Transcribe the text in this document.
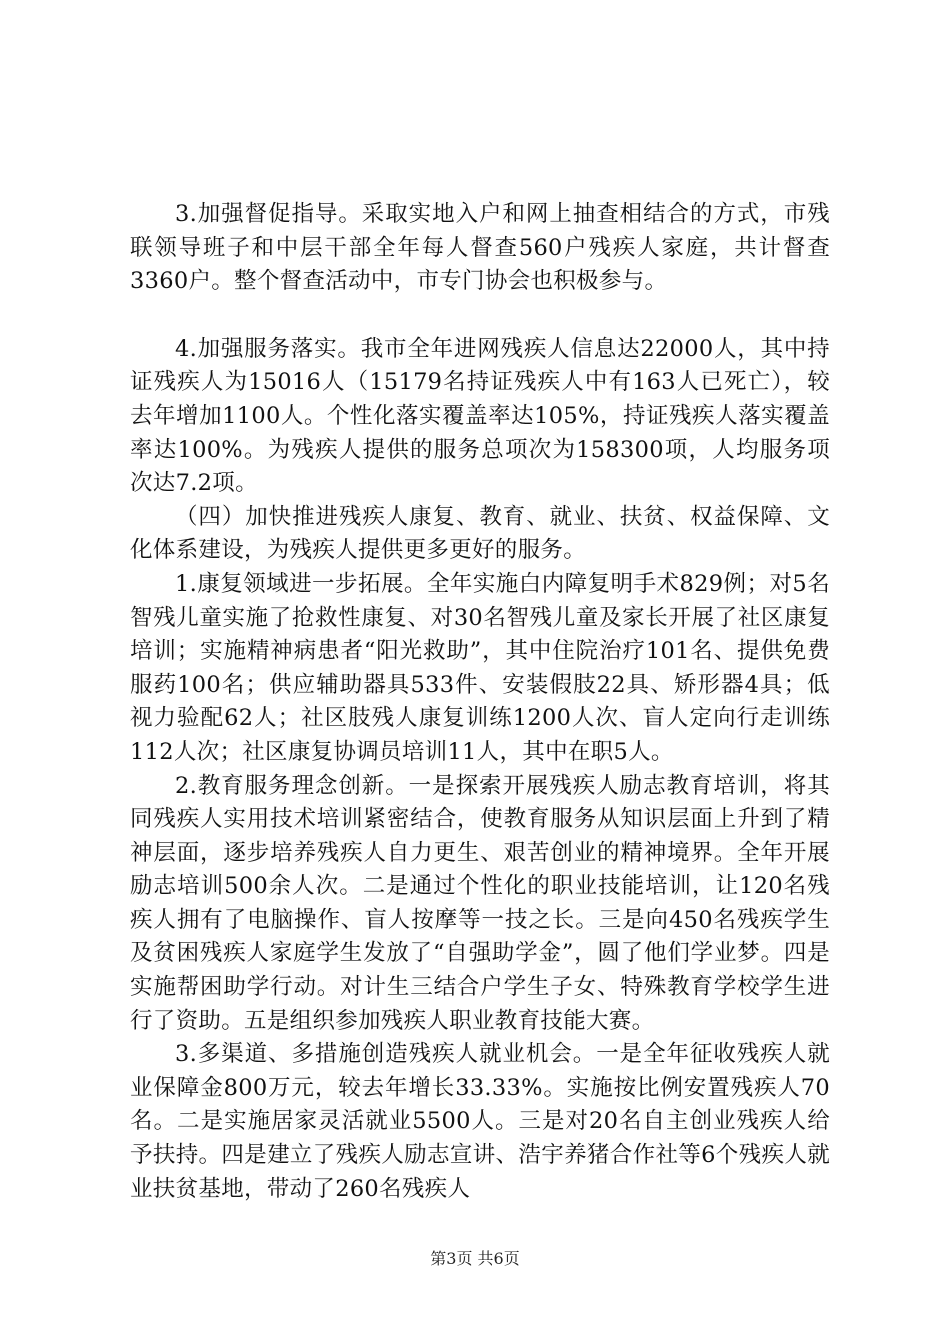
3.加强督促指导。采取实地入户和网上抽查相结合的方式，市残联领导班子和中层干部全年每人督查560户残疾人家庭，共计督查3360户。整个督查活动中，市专门协会也积极参与。

4.加强服务落实。我市全年进网残疾人信息达22000人，其中持证残疾人为15016人（15179名持证残疾人中有163人已死亡），较去年增加1100人。个性化落实覆盖率达105%，持证残疾人落实覆盖率达100%。为残疾人提供的服务总项次为158300项，人均服务项次达7.2项。

（四）加快推进残疾人康复、教育、就业、扶贫、权益保障、文化体系建设，为残疾人提供更多更好的服务。

1.康复领域进一步拓展。全年实施白内障复明手术829例；对5名智残儿童实施了抢救性康复、对30名智残儿童及家长开展了社区康复培训；实施精神病患者“阳光救助”，其中住院治疗101名、提供免费服药100名；供应辅助器具533件、安装假肢22具、矫形器4具；低视力验配62人；社区肢残人康复训练1200人次、盲人定向行走训练112人次；社区康复协调员培训11人，其中在职5人。

2.教育服务理念创新。一是探索开展残疾人励志教育培训，将其同残疾人实用技术培训紧密结合，使教育服务从知识层面上升到了精神层面，逐步培养残疾人自力更生、艰苦创业的精神境界。全年开展励志培训500余人次。二是通过个性化的职业技能培训，让120名残疾人拥有了电脑操作、盲人按摩等一技之长。三是向450名残疾学生及贫困残疾人家庭学生发放了“自强助学金”，圆了他们学业梦。四是实施帮困助学行动。对计生三结合户学生子女、特殊教育学校学生进行了资助。五是组织参加残疾人职业教育技能大赛。

3.多渠道、多措施创造残疾人就业机会。一是全年征收残疾人就业保障金800万元，较去年增长33.33%。实施按比例安置残疾人70名。二是实施居家灵活就业5500人。三是对20名自主创业残疾人给予扶持。四是建立了残疾人励志宣讲、浩宇养猪合作社等6个残疾人就业扶贫基地，带动了260名残疾人

第3页 共6页
